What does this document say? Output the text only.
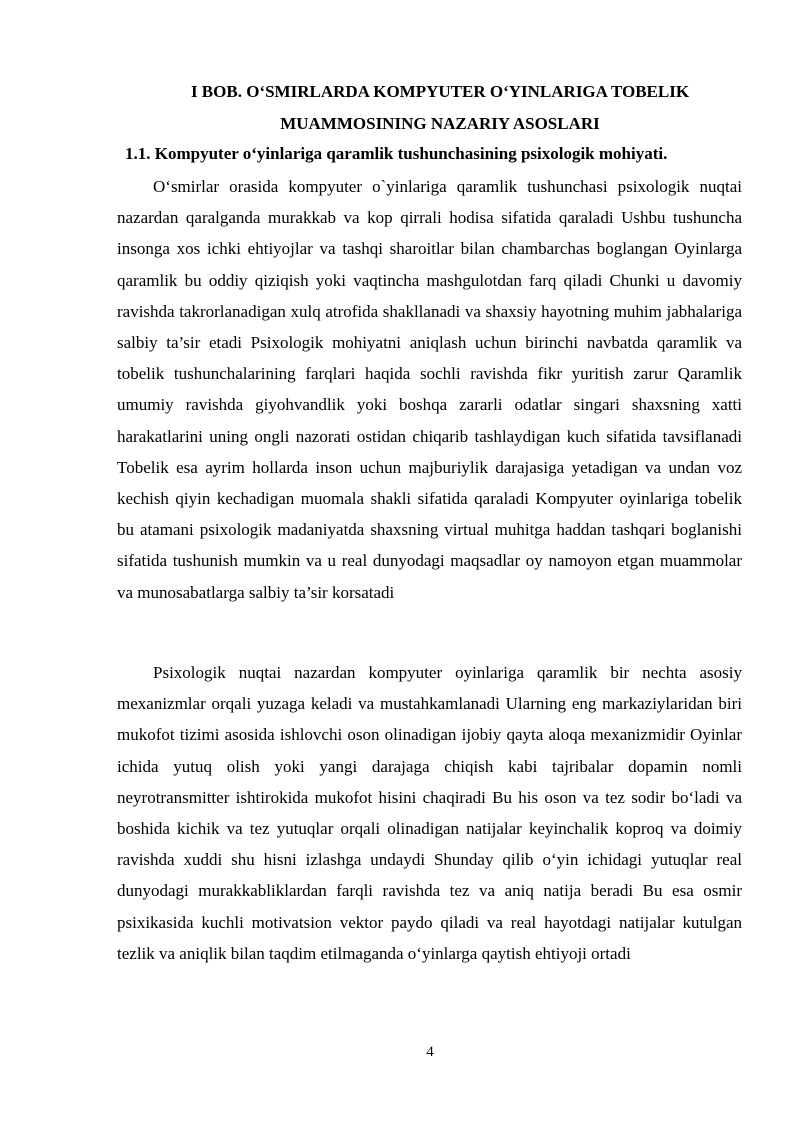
I BOB. O‘SMIRLARDA KOMPYUTER O‘YINLARIGA TOBELIK MUAMMOSINING NAZARIY ASOSLARI
1.1. Kompyuter o‘yinlariga qaramlik tushunchasining psixologik mohiyati.

O‘smirlar orasida kompyuter o`yinlariga qaramlik tushunchasi psixologik nuqtai nazardan qaralganda murakkab va kop qirrali hodisa sifatida qaraladi Ushbu tushuncha insonga xos ichki ehtiyojlar va tashqi sharoitlar bilan chambarchas boglangan Oyinlarga qaramlik bu oddiy qiziqish yoki vaqtincha mashgulotdan farq qiladi Chunki u davomiy ravishda takrorlanadigan xulq atrofida shakllanadi va shaxsiy hayotning muhim jabhalariga salbiy ta’sir etadi Psixologik mohiyatni aniqlash uchun birinchi navbatda qaramlik va tobelik tushunchalarining farqlari haqida sochli ravishda fikr yuritish zarur Qaramlik umumiy ravishda giyohvandlik yoki boshqa zararli odatlar singari shaxsning xatti harakatlarini uning ongli nazorati ostidan chiqarib tashlaydigan kuch sifatida tavsiflanadi Tobelik esa ayrim hollarda inson uchun majburiylik darajasiga yetadigan va undan voz kechish qiyin kechadigan muomala shakli sifatida qaraladi Kompyuter oyinlariga tobelik bu atamani psixologik madaniyatda shaxsning virtual muhitga haddan tashqari boglanishi sifatida tushunish mumkin va u real dunyodagi maqsadlar oy namoyon etgan muammolar va munosabatlarga salbiy ta’sir korsatadi

Psixologik nuqtai nazardan kompyuter oyinlariga qaramlik bir nechta asosiy mexanizmlar orqali yuzaga keladi va mustahkamlanadi Ularning eng markaziylaridan biri mukofot tizimi asosida ishlovchi oson olinadigan ijobiy qayta aloqa mexanizmidir Oyinlar ichida yutuq olish yoki yangi darajaga chiqish kabi tajribalar dopamin nomli neyrotransmitter ishtirokida mukofot hisini chaqiradi Bu his oson va tez sodir bo‘ladi va boshida kichik va tez yutuqlar orqali olinadigan natijalar keyinchalik koproq va doimiy ravishda xuddi shu hisni izlashga undaydi Shunday qilib o‘yin ichidagi yutuqlar real dunyodagi murakkabliklardan farqli ravishda tez va aniq natija beradi Bu esa osmir psixikasida kuchli motivatsion vektor paydo qiladi va real hayotdagi natijalar kutulgan tezlik va aniqlik bilan taqdim etilmaganda o‘yinlarga qaytish ehtiyoji ortadi

4
